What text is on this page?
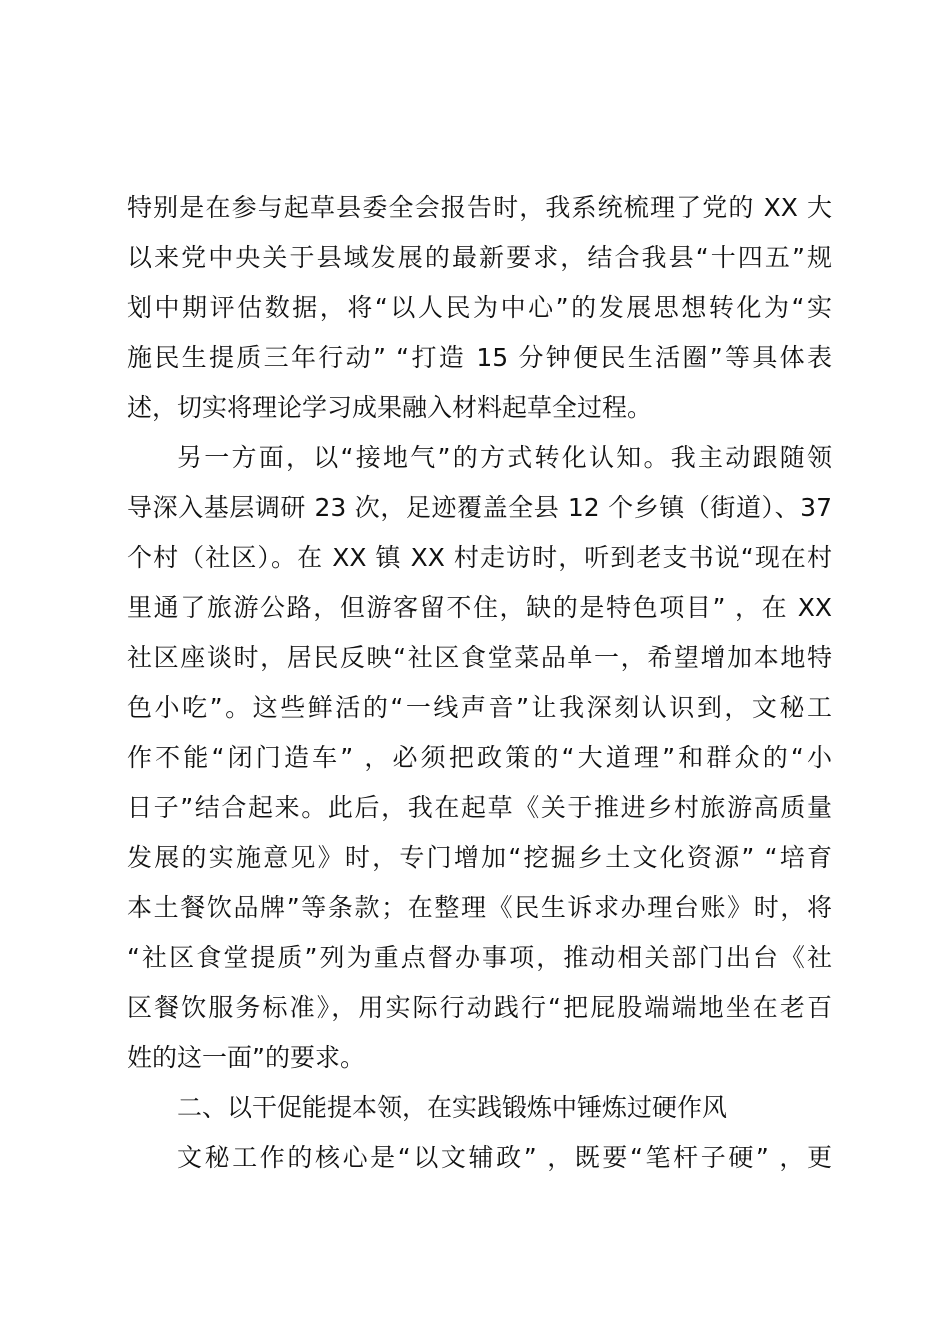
特别是在参与起草县委全会报告时，我系统梳理了党的 XX 大
以来党中央关于县域发展的最新要求，结合我县“十四五”规
划中期评估数据，将“以人民为中心”的发展思想转化为“实
施民生提质三年行动” “打造 15 分钟便民生活圈”等具体表
述，切实将理论学习成果融入材料起草全过程。
另一方面，以“接地气”的方式转化认知。我主动跟随领
导深入基层调研 23 次，足迹覆盖全县 12 个乡镇（街道）、37
个村（社区）。在 XX 镇 XX 村走访时，听到老支书说“现在村
里通了旅游公路，但游客留不住，缺的是特色项目” ，在 XX
社区座谈时，居民反映“社区食堂菜品单一，希望增加本地特
色小吃”。这些鲜活的“一线声音”让我深刻认识到，文秘工
作不能“闭门造车” ，必须把政策的“大道理”和群众的“小
日子”结合起来。此后，我在起草《关于推进乡村旅游高质量
发展的实施意见》时，专门增加“挖掘乡土文化资源” “培育
本土餐饮品牌”等条款；在整理《民生诉求办理台账》时，将
“社区食堂提质”列为重点督办事项，推动相关部门出台《社
区餐饮服务标准》，用实际行动践行“把屁股端端地坐在老百
姓的这一面”的要求。
二、以干促能提本领，在实践锻炼中锤炼过硬作风
文秘工作的核心是“以文辅政” ，既要“笔杆子硬” ，更
